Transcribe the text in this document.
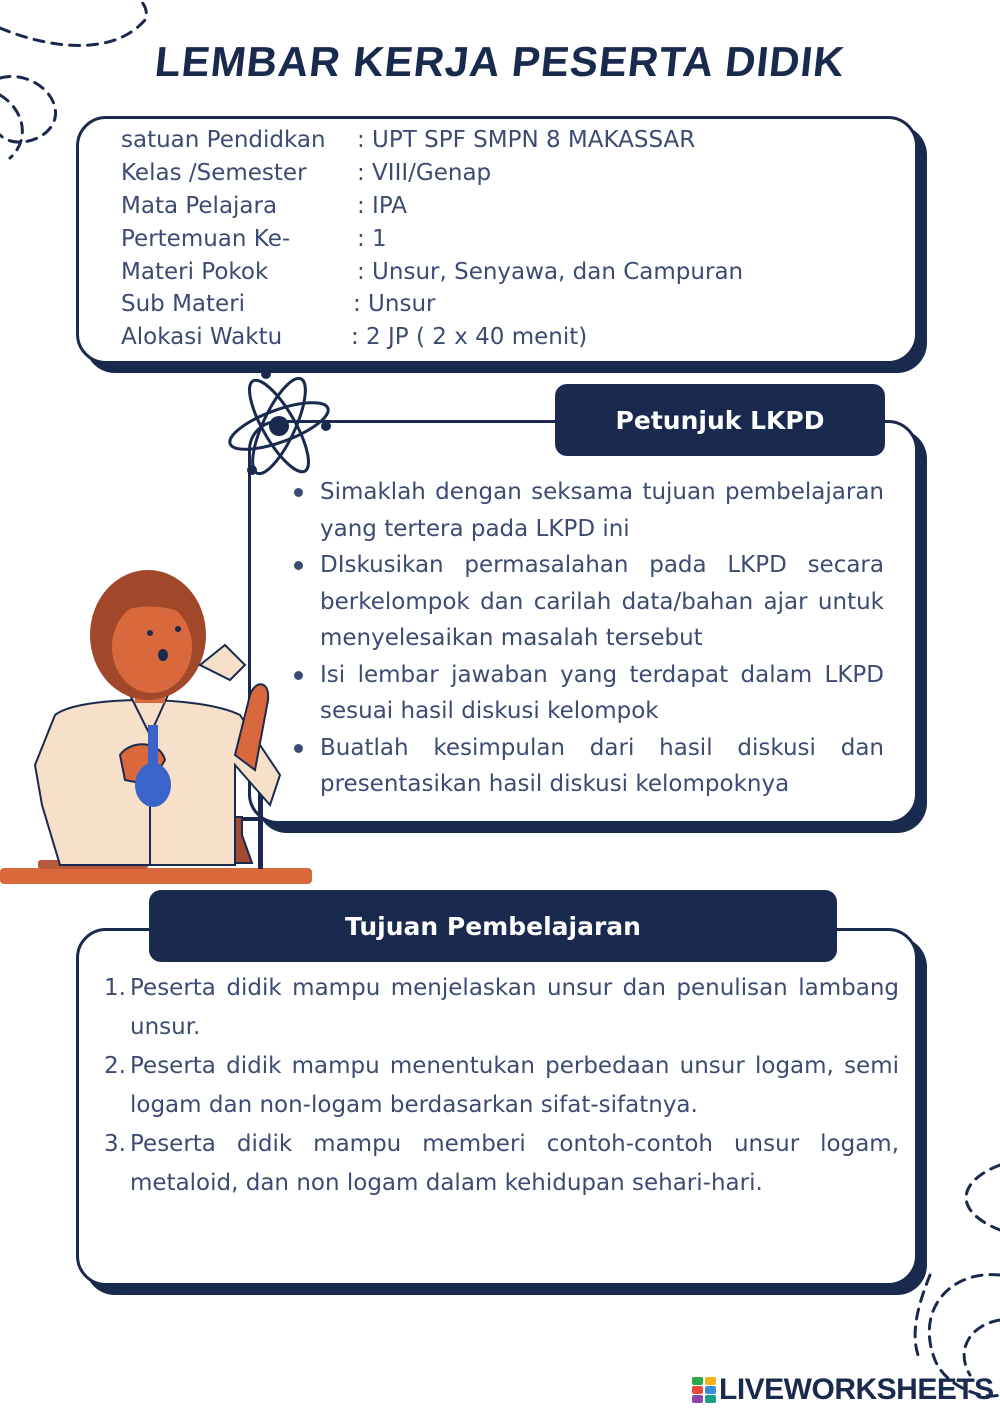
LEMBAR KERJA PESERTA DIDIK
satuan Pendidkan : UPT SPF SMPN 8 MAKASSAR
Kelas /Semester : VIII/Genap
Mata Pelajara	: IPA
Pertemuan Ke-	: 1
Materi Pokok	: Unsur, Senyawa, dan Campuran
Sub Materi	: Unsur
Alokasi Waktu	: 2 JP ( 2 x 40 menit)
Petunjuk LKPD
Simaklah dengan seksama tujuan pembelajaran yang tertera pada LKPD ini
DIskusikan permasalahan pada LKPD secara berkelompok dan carilah data/bahan ajar untuk menyelesaikan masalah tersebut
Isi lembar jawaban yang terdapat dalam LKPD sesuai hasil diskusi kelompok
Buatlah kesimpulan dari hasil diskusi dan presentasikan hasil diskusi kelompoknya
Tujuan Pembelajaran
1. Peserta didik mampu menjelaskan unsur dan penulisan lambang unsur.
2. Peserta didik mampu menentukan perbedaan unsur logam, semi logam dan non-logam berdasarkan sifat-sifatnya.
3. Peserta didik mampu memberi contoh-contoh unsur logam, metaloid, dan non logam dalam kehidupan sehari-hari.
LIVEWORKSHEETS
